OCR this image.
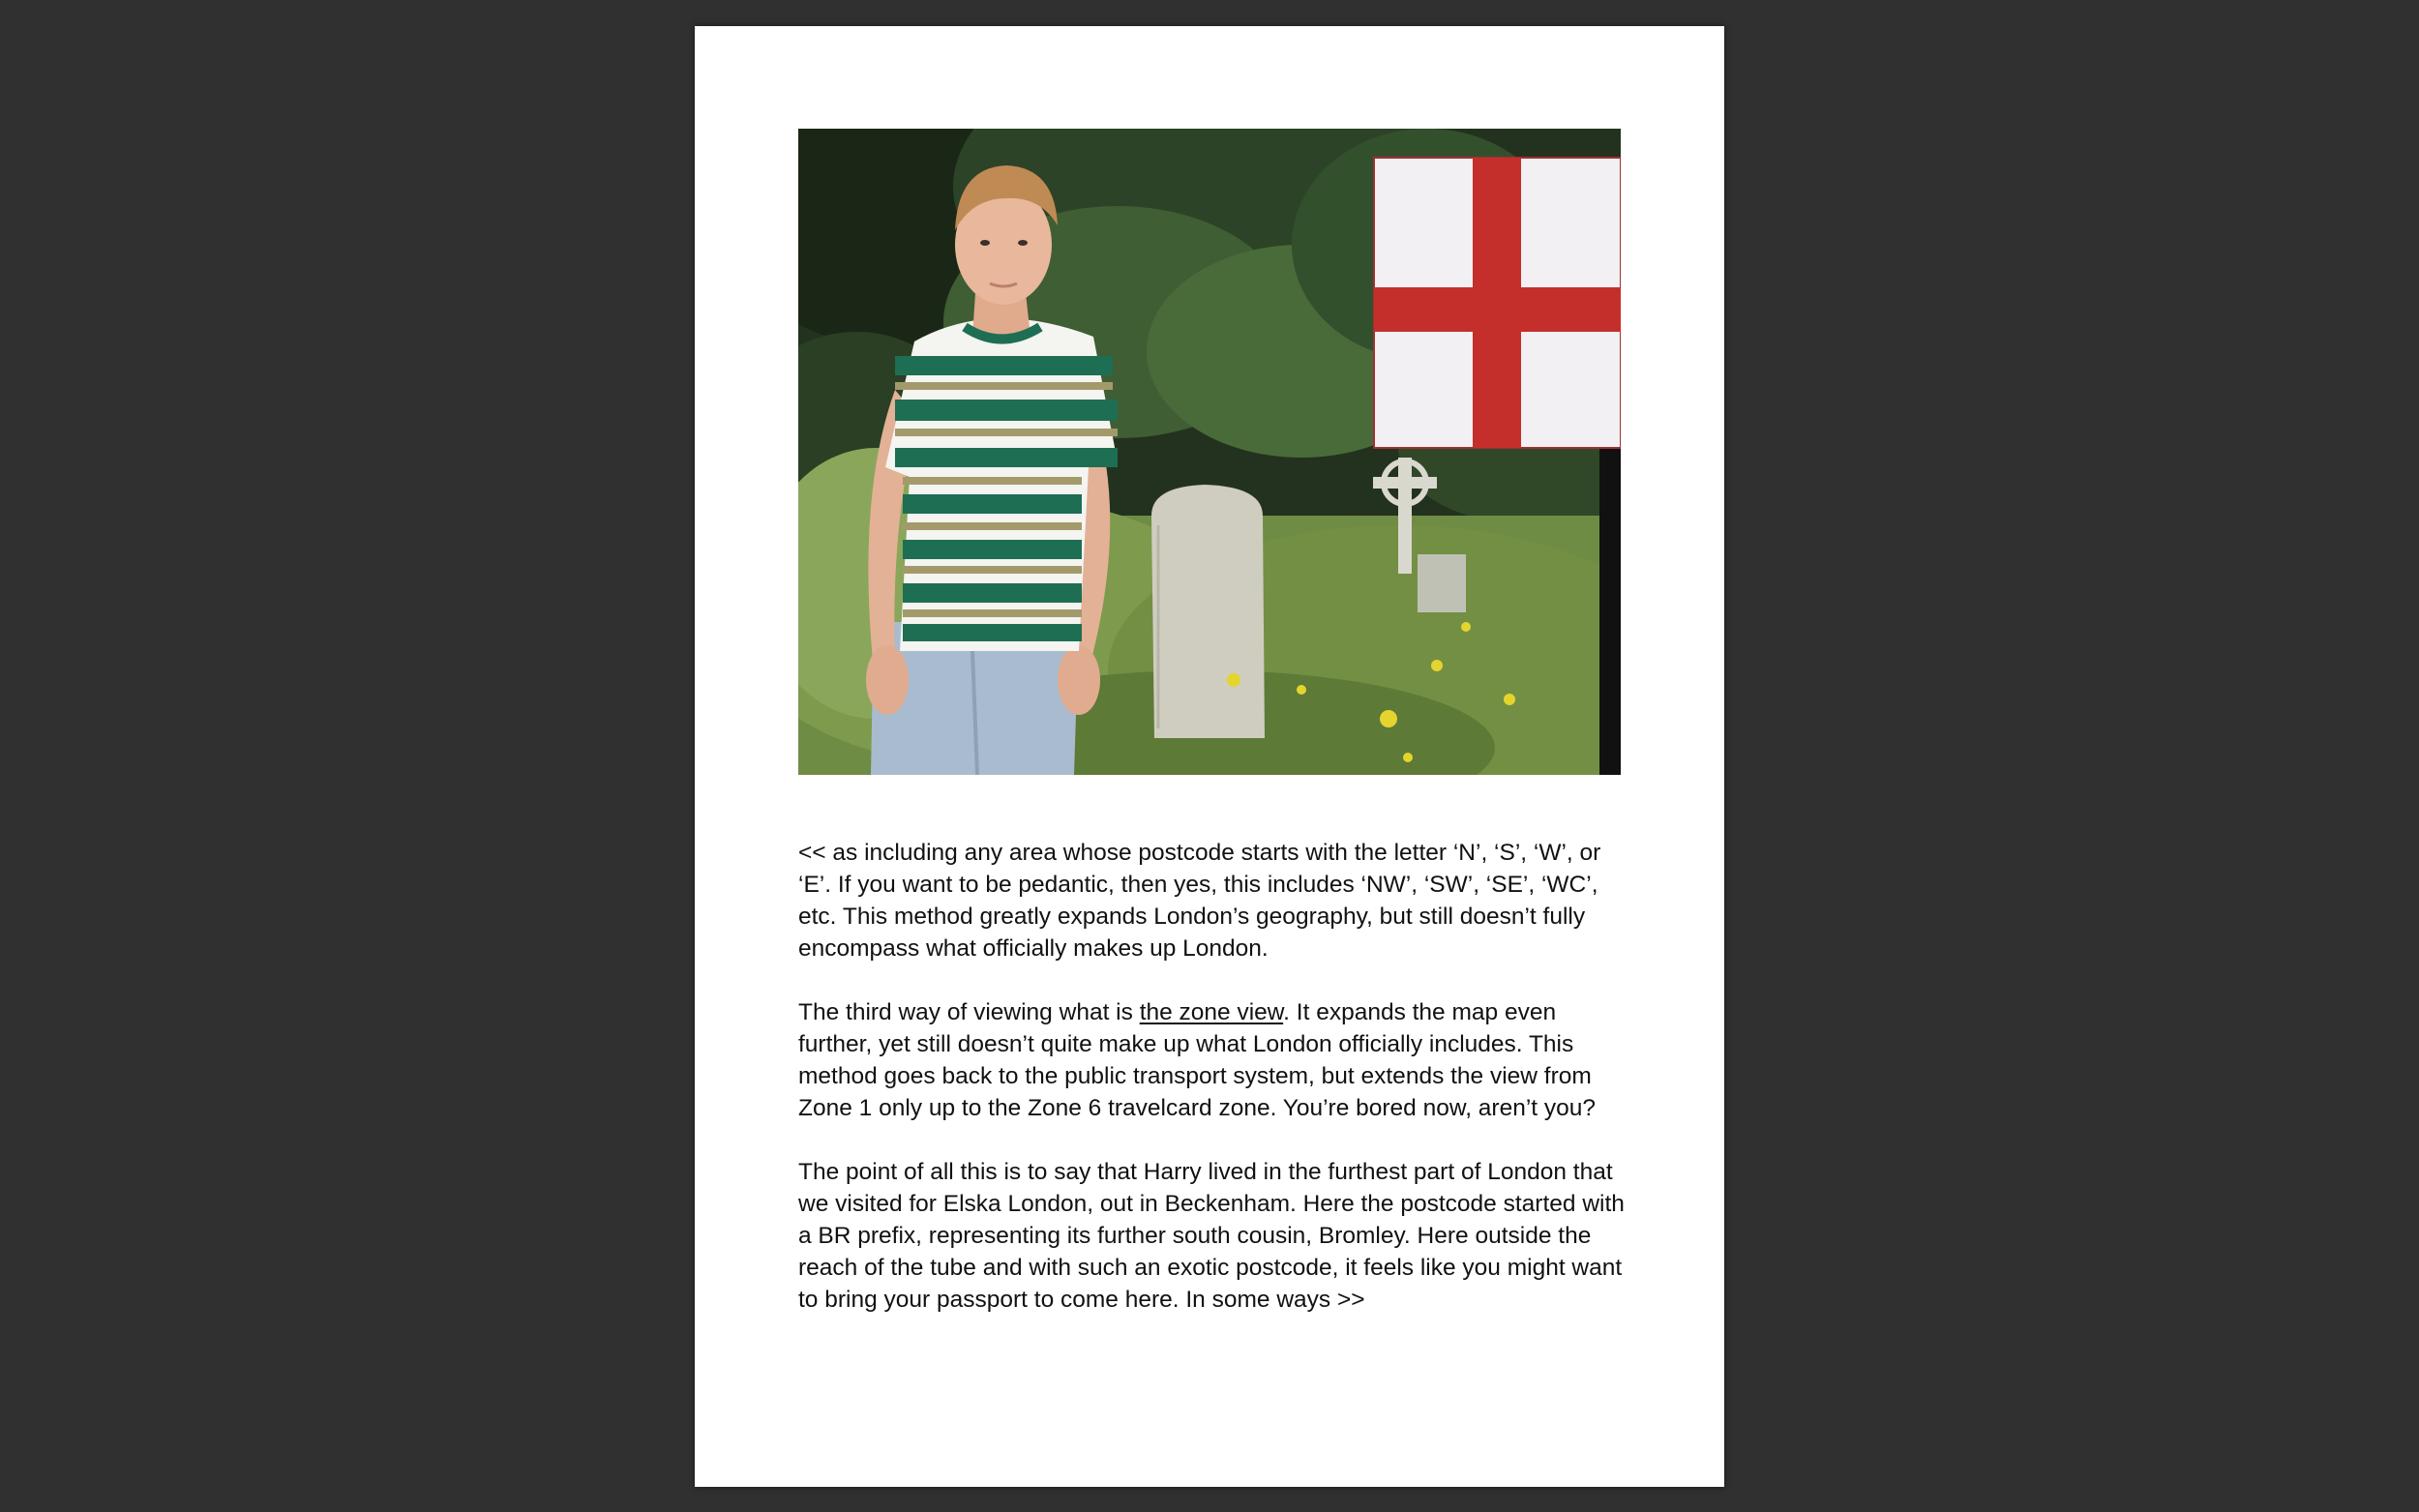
<< as including any area whose postcode starts with the letter ‘N’, ‘S’, ‘W’, or ‘E’. If you want to be pedantic, then yes, this includes ‘NW’, ‘SW’, ‘SE’, ‘WC’, etc. This method greatly expands London’s geography, but still doesn’t fully encompass what officially makes up London.

The third way of viewing what is the zone view. It expands the map even further, yet still doesn’t quite make up what London officially includes. This method goes back to the public transport system, but extends the view from Zone 1 only up to the Zone 6 travelcard zone. You’re bored now, aren’t you?

The point of all this is to say that Harry lived in the furthest part of London that we visited for Elska London, out in Beckenham. Here the postcode started with a BR prefix, representing its further south cousin, Bromley. Here outside the reach of the tube and with such an exotic postcode, it feels like you might want to bring your passport to come here. In some ways >>
